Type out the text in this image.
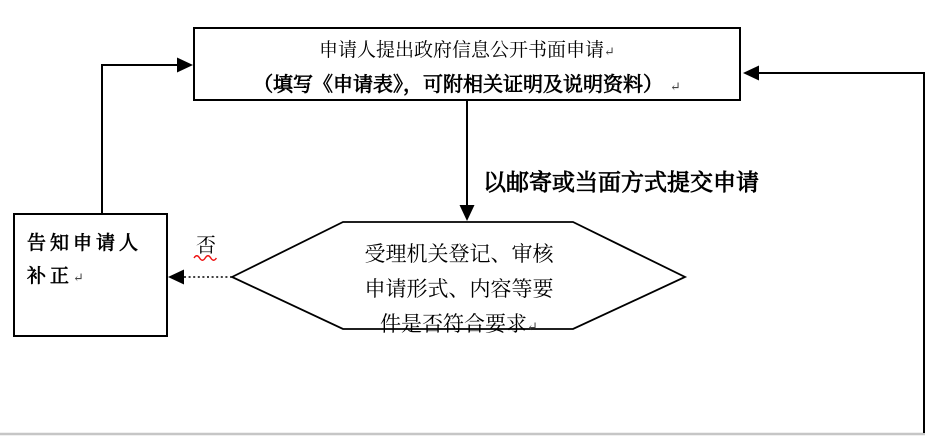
申请人提出政府信息公开书面申请↵
（填写《申请表》，可附相关证明及说明资料） ↵
以邮寄或当面方式提交申请
受理机关登记、审核
申请形式、内容等要
件是否符合要求↵
告知申请人
补正↵
否
